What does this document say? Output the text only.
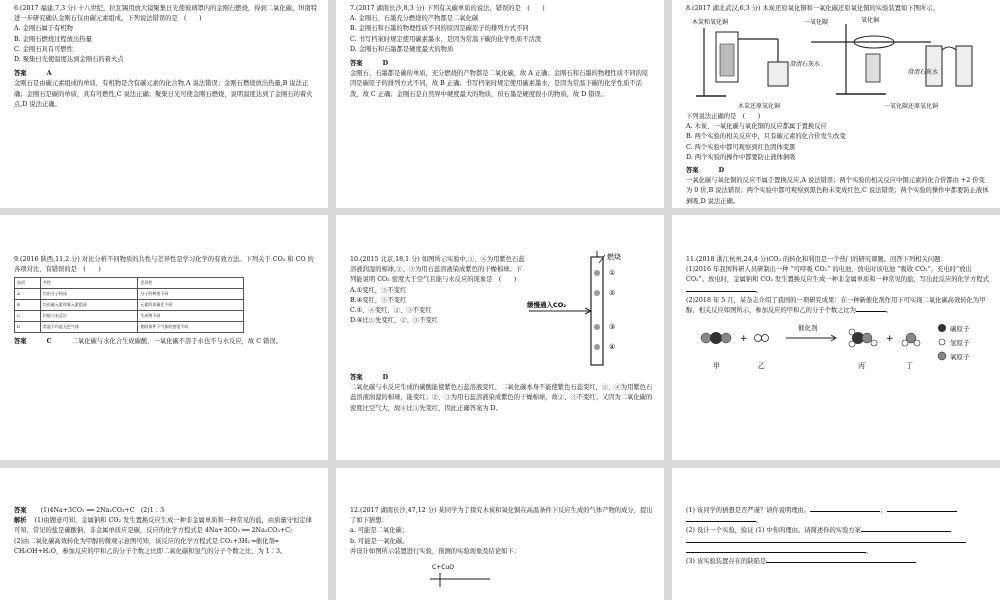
6.(2017 福建,7,3 分) 十八世纪，拉瓦锡用放大镜聚集日光使玻璃罩内的金刚石燃烧，得到二氧化碳。坦南特进一步研究确认金刚石仅由碳元素组成。下列说法错误的是　(　　)
A. 金刚石属于有机物
B. 金刚石燃烧过程放出热量
C. 金刚石具有可燃性
D. 聚集日光使温度达到金刚石的着火点
答案	A
金刚石是由碳元素组成的单质，有机物是含有碳元素的化合物,A 说法错误；金刚石燃烧放出热量,B 说法正确；金刚石是碳的单质，具有可燃性,C 说法正确；聚集日光可使金刚石燃烧，说明温度达到了金刚石的着火点,D 说法正确。
7.(2017 湖南长沙,8,3 分) 下列有关碳单质的说法，错误的是　(　　)
A. 金刚石、石墨充分燃烧的产物都是二氧化碳
B. 金刚石和石墨的物理性质不同的原因是碳原子的排列方式不同
C. 书写档案时规定使用碳素墨水，是因为常温下碳的化学性质不活泼
D. 金刚石和石墨都是硬度最大的物质
答案	D
金刚石、石墨都是碳的单质，充分燃烧的产物都是二氧化碳，故 A 正确；金刚石和石墨的物理性质不同的原因是碳原子的排列方式不同，故 B 正确；书写档案时规定使用碳素墨水，是因为常温下碳的化学性质不活泼，故 C 正确；金刚石是自然界中硬度最大的物质，但石墨是硬度很小的物质，故 D 错误。
8.(2017 湖北武汉,6,3 分) 木炭还原氧化铜和一氧化碳还原氧化铜的实验装置如下图所示。
木炭和氧化铜	一氧化碳	氧化铜
澄清石灰水
澄清石灰水
木炭还原氧化铜	一氧化碳还原氧化铜
下列说法正确的是　(　　)
A. 木炭、一氧化碳与氧化铜的反应都属于置换反应
B. 两个实验的相关反应中，只有碳元素的化合价发生改变
C. 两个实验中都可观察到红色固体变黑
D. 两个实验的操作中都要防止液体倒吸
答案	D
一氧化碳与氧化铜的反应不属于置换反应,A 说法错误；两个实验的相关反应中铜元素的化合价都由 +2 价变为 0 价,B 说法错误；两个实验中都可观察到黑色粉末变成红色,C 说法错误；两个实验的操作中都要防止液体倒吸,D 说法正确。
9.(2016 陕西,11,2 分) 对比分析不同物质的共性与差异性是学习化学的有效方法。下列关于 CO₂ 和 CO 的各项对比，有错误的是　(　　)
选项	共性	差异性
A	均由分子构成	分子的种类不同
B	均由碳元素和氧元素组成	元素的质量比不同
C	均能与水反应	生成物不同
D	常温下均是无色气体	相同条件下气体的密度不同
答案	C	二氧化碳与水化合生成碳酸，一氧化碳不溶于水也不与水反应，故 C 错误。
10.(2015 北京,18,1 分) 如图所示实验中,①、④为用紫色石蕊溶液润湿的棉球,②、③为用石蕊溶液染成紫色的干燥棉球。下列能说明 CO₂ 密度大于空气且能与水反应的现象是　(　　)
A.①变红，③不变红
B.④变红，③不变红
C.①、④变红，②、③不变红
D.④比①先变红，②、③不变红
燃烧
①
②
③
④
缓慢通入CO₂
答案	D
二氧化碳与水反应生成的碳酸能使紫色石蕊溶液变红，二氧化碳本身不能使紫色石蕊变红，①、④为用紫色石蕊溶液润湿的棉球，能变红；②、③为用石蕊溶液染成紫色的干燥棉球，故②、③不变红；又因为二氧化碳的密度比空气大，故④比①先变红，因此正确答案为 D。
11.(2018 浙江杭州,24,4 分)CO₂ 的转化和利用是一个热门的研究课题。回答下列相关问题：
(1)2016 年我国科研人员研制出一种 “可呼吸 CO₂” 的电池，放电时该电池 “吸收 CO₂”，充电时“放出 CO₂”。放电时，金属钠和 CO₂ 发生置换反应生成一种非金属单质和一种常见的盐，写出此反应的化学方程式。
(2)2018 年 5 月，某杂志介绍了我国的一项研究成果：在一种新催化剂作用下可实现二氧化碳高效转化为甲醇，相关反应如图所示，参加反应的甲和乙的分子个数之比为	。
+
催化剂
+
甲	乙	丙	丁
碳原子
氢原子
氧原子
答案 (1)4Na+3CO₂ ══ 2Na₂CO₃+C　(2)1∶3
解析 (1)由题意可知，金属钠和 CO₂ 发生置换反应生成一种非金属单质和一种常见的盐，由质量守恒定律可知，常见的盐是碳酸钠，非金属单质应是碳，反应的化学方程式是 4Na+3CO₂ ══ 2Na₂CO₃+C;
(2)由二氧化碳高效转化为甲醇的微观示意图可知，该反应的化学方程式是 CO₂+3H₂ ═催化剂═ CH₃OH+H₂O，参加反应的甲和乙的分子个数之比即二氧化碳和氢气的分子个数之比，为 1∶3。
12.(2017 湖南长沙,47,12 分) 某同学为了探究木炭和氧化铜在高温条件下反应生成的气体产物的成分，提出了如下猜想：
a. 可能是二氧化碳；
b. 可能是一氧化碳。
并设计如图所示装置进行实验，预测的实验现象及结论如下：
C+CuO
(1) 该同学的猜想是否严谨？请你说明理由。	；
。
(2) 设计一个实验，验证 (1) 中你的理由。请简述你的实验方案
。
(3) 该实验装置存在的缺陷是
